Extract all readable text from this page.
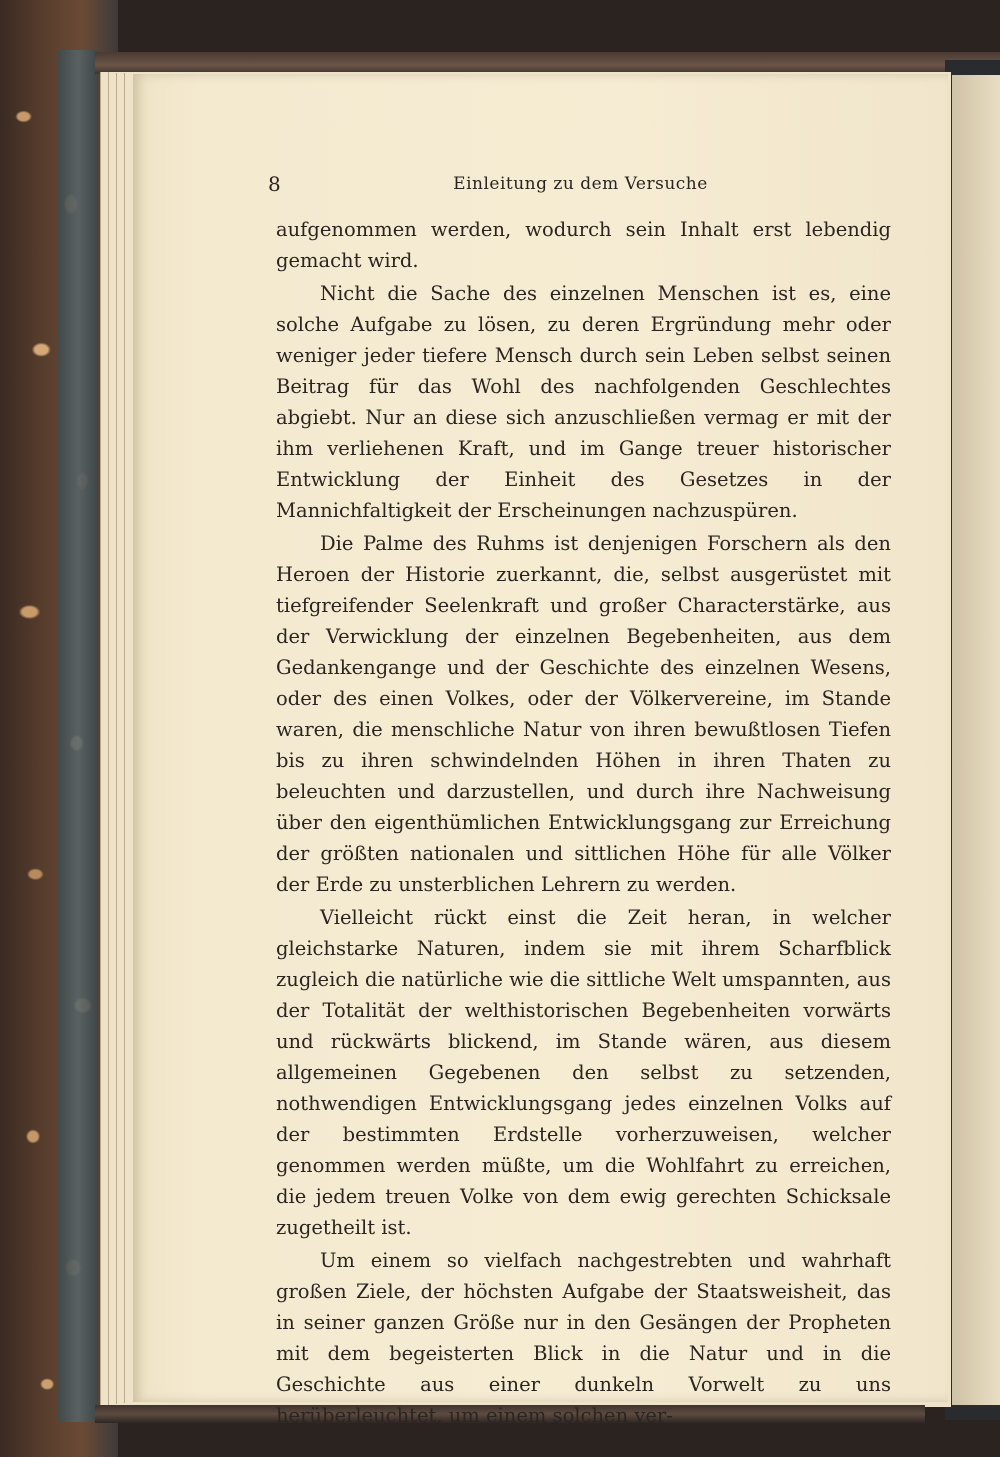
8	Einleitung zu dem Versuche

aufgenommen werden, wodurch sein Inhalt erst lebendig gemacht wird.

Nicht die Sache des einzelnen Menschen ist es, eine solche Aufgabe zu lösen, zu deren Ergründung mehr oder weniger jeder tiefere Mensch durch sein Leben selbst seinen Beitrag für das Wohl des nachfolgenden Geschlechtes abgiebt. Nur an diese sich anzuschließen vermag er mit der ihm verliehenen Kraft, und im Gange treuer historischer Entwicklung der Einheit des Gesetzes in der Mannichfaltigkeit der Erscheinungen nachzuspüren.

Die Palme des Ruhms ist denjenigen Forschern als den Heroen der Historie zuerkannt, die, selbst ausgerüstet mit tiefgreifender Seelenkraft und großer Characterstärke, aus der Verwicklung der einzelnen Begebenheiten, aus dem Gedankengange und der Geschichte des einzelnen Wesens, oder des einen Volkes, oder der Völkervereine, im Stande waren, die menschliche Natur von ihren bewußtlosen Tiefen bis zu ihren schwindelnden Höhen in ihren Thaten zu beleuchten und darzustellen, und durch ihre Nachweisung über den eigenthümlichen Entwicklungsgang zur Erreichung der größten nationalen und sittlichen Höhe für alle Völker der Erde zu unsterblichen Lehrern zu werden.

Vielleicht rückt einst die Zeit heran, in welcher gleichstarke Naturen, indem sie mit ihrem Scharfblick zugleich die natürliche wie die sittliche Welt umspannten, aus der Totalität der welthistorischen Begebenheiten vorwärts und rückwärts blickend, im Stande wären, aus diesem allgemeinen Gegebenen den selbst zu setzenden, nothwendigen Entwicklungsgang jedes einzelnen Volks auf der bestimmten Erdstelle vorherzuweisen, welcher genommen werden müßte, um die Wohlfahrt zu erreichen, die jedem treuen Volke von dem ewig gerechten Schicksale zugetheilt ist.

Um einem so vielfach nachgestrebten und wahrhaft großen Ziele, der höchsten Aufgabe der Staatsweisheit, das in seiner ganzen Größe nur in den Gesängen der Propheten mit dem begeisterten Blick in die Natur und in die Geschichte aus einer dunkeln Vorwelt zu uns herüberleuchtet, um einem solchen ver-
